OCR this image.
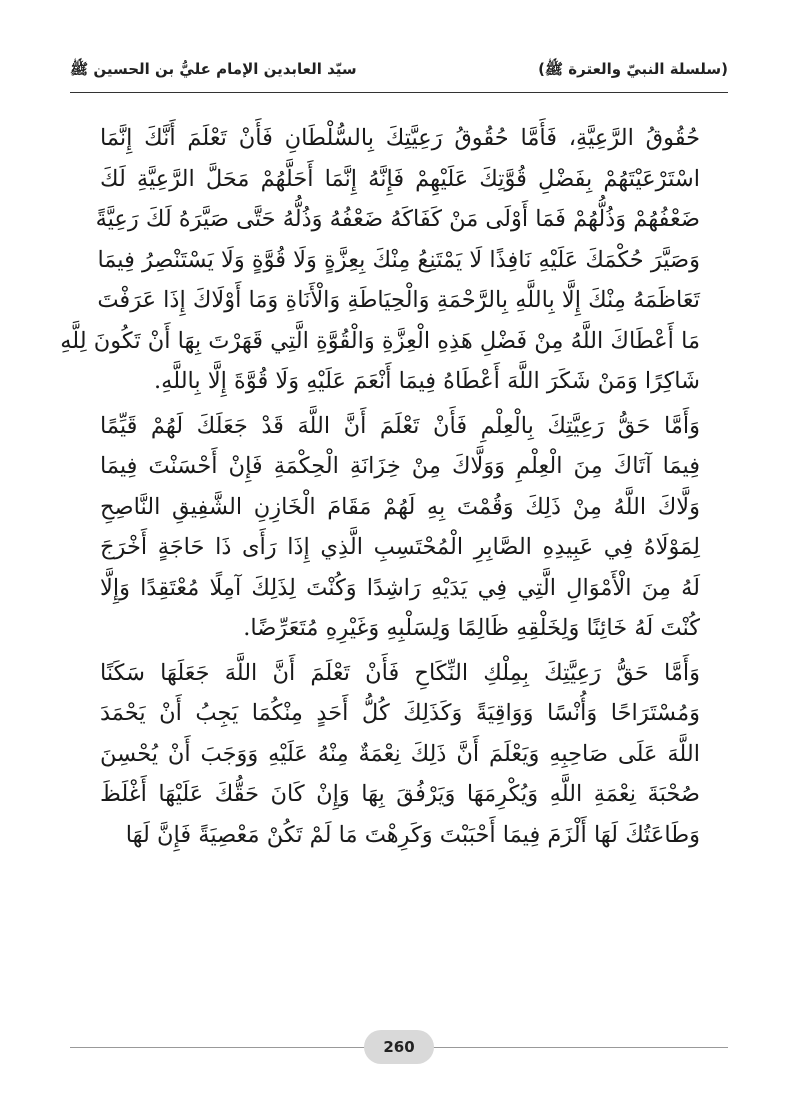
(سلسلة النبيّ والعترة ﷺ)
سيّد العابدين الإمام عليُّ بن الحسين ﷺ
حُقُوقُ الرَّعِيَّةِ، فَأَمَّا حُقُوقُ رَعِيَّتِكَ بِالسُّلْطَانِ فَأَنْ تَعْلَمَ أَنَّكَ إِنَّمَا
اسْتَرْعَيْتَهُمْ بِفَضْلِ قُوَّتِكَ عَلَيْهِمْ فَإِنَّهُ إِنَّمَا أَحَلَّهُمْ مَحَلَّ الرَّعِيَّةِ لَكَ
ضَعْفُهُمْ وَذُلُّهُمْ فَمَا أَوْلَى مَنْ كَفَاكَهُ ضَعْفُهُ وَذُلُّهُ حَتَّى صَيَّرَهُ لَكَ رَعِيَّةً
وَصَيَّرَ حُكْمَكَ عَلَيْهِ نَافِذًا لَا يَمْتَنِعُ مِنْكَ بِعِزَّةٍ وَلَا قُوَّةٍ وَلَا يَسْتَنْصِرُ فِيمَا
تَعَاظَمَهُ مِنْكَ إِلَّا بِاللَّهِ بِالرَّحْمَةِ وَالْحِيَاطَةِ وَالْأَنَاةِ وَمَا أَوْلَاكَ إِذَا عَرَفْتَ
مَا أَعْطَاكَ اللَّهُ مِنْ فَضْلِ هَذِهِ الْعِزَّةِ وَالْقُوَّةِ الَّتِي قَهَرْتَ بِهَا أَنْ تَكُونَ لِلَّهِ
شَاكِرًا وَمَنْ شَكَرَ اللَّهَ أَعْطَاهُ فِيمَا أَنْعَمَ عَلَيْهِ وَلَا قُوَّةَ إِلَّا بِاللَّهِ.
وَأَمَّا حَقُّ رَعِيَّتِكَ بِالْعِلْمِ فَأَنْ تَعْلَمَ أَنَّ اللَّهَ قَدْ جَعَلَكَ لَهُمْ قَيِّمًا
فِيمَا آتَاكَ مِنَ الْعِلْمِ وَوَلَّاكَ مِنْ خِزَانَةِ الْحِكْمَةِ فَإِنْ أَحْسَنْتَ فِيمَا
وَلَّاكَ اللَّهُ مِنْ ذَلِكَ وَقُمْتَ بِهِ لَهُمْ مَقَامَ الْخَازِنِ الشَّفِيقِ النَّاصِحِ
لِمَوْلَاهُ فِي عَبِيدِهِ الصَّابِرِ الْمُحْتَسِبِ الَّذِي إِذَا رَأَى ذَا حَاجَةٍ أَخْرَجَ
لَهُ مِنَ الْأَمْوَالِ الَّتِي فِي يَدَيْهِ رَاشِدًا وَكُنْتَ لِذَلِكَ آمِلًا مُعْتَقِدًا وَإِلَّا
كُنْتَ لَهُ خَائِنًا وَلِخَلْقِهِ ظَالِمًا وَلِسَلْبِهِ وَغَيْرِهِ مُتَعَرِّضًا.
وَأَمَّا حَقُّ رَعِيَّتِكَ بِمِلْكِ النِّكَاحِ فَأَنْ تَعْلَمَ أَنَّ اللَّهَ جَعَلَهَا سَكَنًا
وَمُسْتَرَاحًا وَأُنْسًا وَوَاقِيَةً وَكَذَلِكَ كُلُّ أَحَدٍ مِنْكُمَا يَجِبُ أَنْ يَحْمَدَ
اللَّهَ عَلَى صَاحِبِهِ وَيَعْلَمَ أَنَّ ذَلِكَ نِعْمَةٌ مِنْهُ عَلَيْهِ وَوَجَبَ أَنْ يُحْسِنَ
صُحْبَةَ نِعْمَةِ اللَّهِ وَيُكْرِمَهَا وَيَرْفُقَ بِهَا وَإِنْ كَانَ حَقُّكَ عَلَيْهَا أَغْلَظَ
وَطَاعَتُكَ لَهَا أَلْزَمَ فِيمَا أَحْبَبْتَ وَكَرِهْتَ مَا لَمْ تَكُنْ مَعْصِيَةً فَإِنَّ لَهَا
260
